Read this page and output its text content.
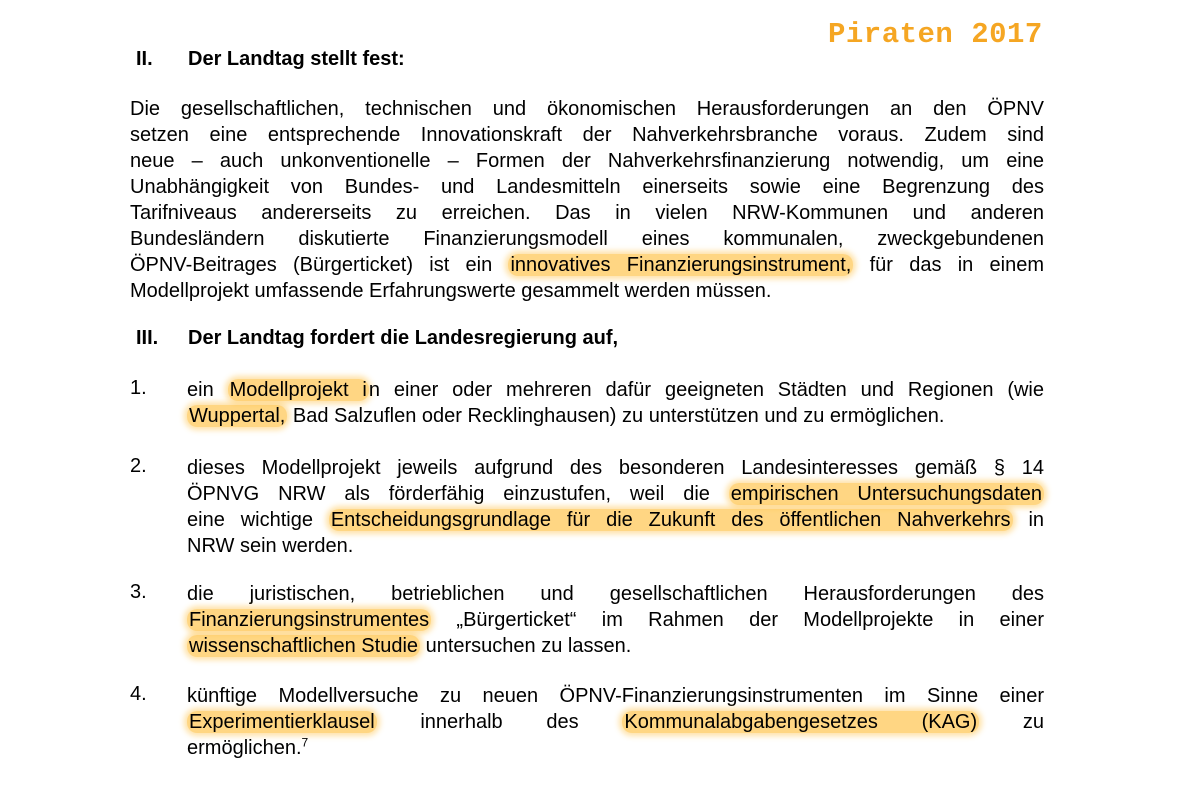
Piraten 2017
II. Der Landtag stellt fest:
Die gesellschaftlichen, technischen und ökonomischen Herausforderungen an den ÖPNV
setzen eine entsprechende Innovationskraft der Nahverkehrsbranche voraus. Zudem sind
neue – auch unkonventionelle – Formen der Nahverkehrsfinanzierung notwendig, um eine
Unabhängigkeit von Bundes- und Landesmitteln einerseits sowie eine Begrenzung des
Tarifniveaus andererseits zu erreichen. Das in vielen NRW-Kommunen und anderen
Bundesländern diskutierte Finanzierungsmodell eines kommunalen, zweckgebundenen
ÖPNV-Beitrages (Bürgerticket) ist ein innovatives Finanzierungsinstrument, für das in einem
Modellprojekt umfassende Erfahrungswerte gesammelt werden müssen.
III. Der Landtag fordert die Landesregierung auf,
1.	ein Modellprojekt i n einer oder mehreren dafür geeigneten Städten und Regionen (wie
Wuppertal, Bad Salzuflen oder Recklinghausen) zu unterstützen und zu ermöglichen.
2.	dieses Modellprojekt jeweils aufgrund des besonderen Landesinteresses gemäß § 14
ÖPNVG NRW als förderfähig einzustufen, weil die empirischen Untersuchungsdaten
eine wichtige Entscheidungsgrundlage für die Zukunft des öffentlichen Nahverkehrs in
NRW sein werden.
3.	die juristischen, betrieblichen und gesellschaftlichen Herausforderungen des
Finanzierungsinstrumentes „Bürgerticket“ im Rahmen der Modellprojekte in einer
wissenschaftlichen Studie untersuchen zu lassen.
4.	künftige Modellversuche zu neuen ÖPNV-Finanzierungsinstrumenten im Sinne einer
Experimentierklausel innerhalb des Kommunalabgabengesetzes (KAG) zu
ermöglichen.$^7$
